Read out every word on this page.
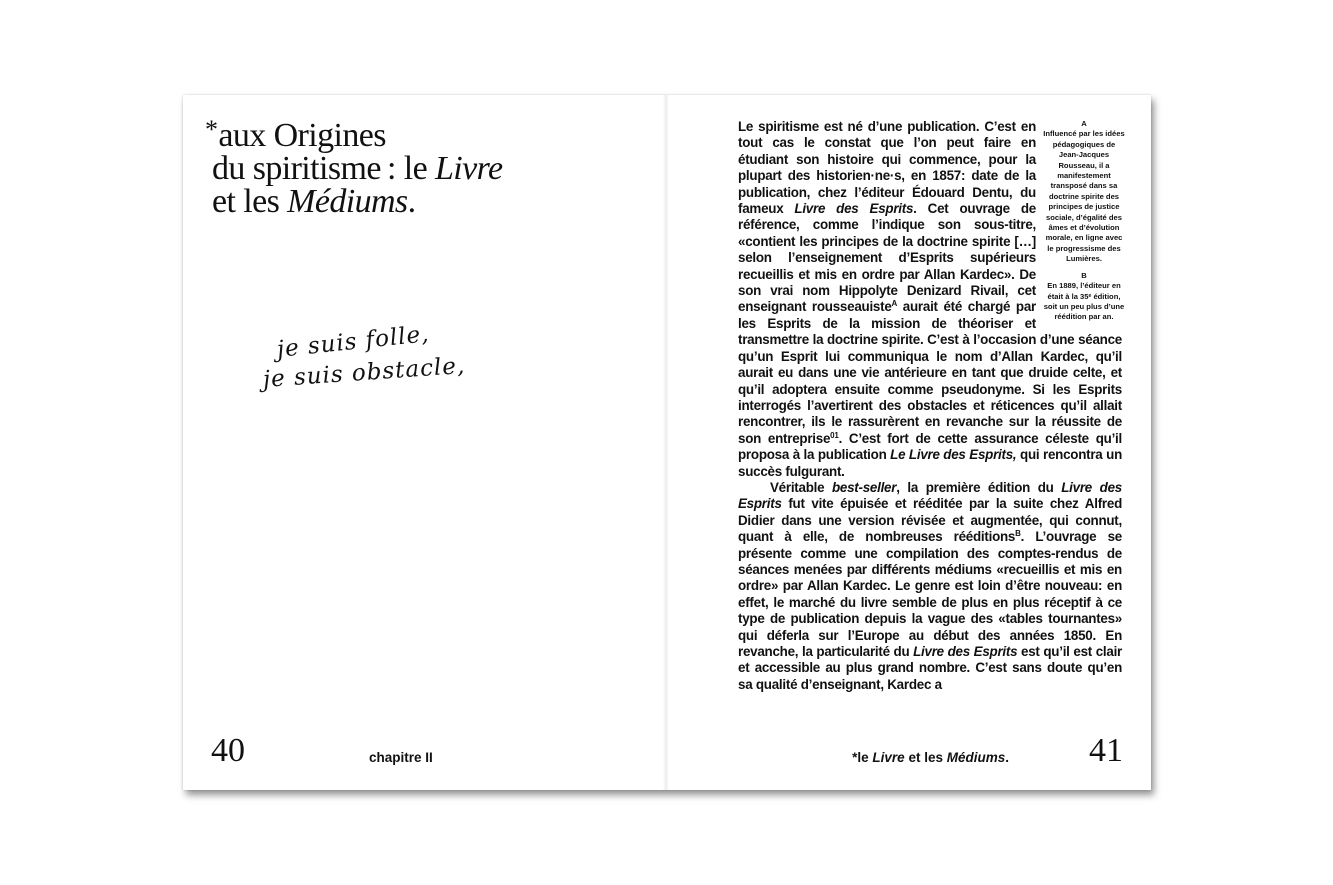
*aux Origines
du spiritisme : le Livre
et les Médiums.
je suis folle,
je suis obstacle,
40	chapitre II
A
Influencé par les idées pédagogiques de Jean-Jacques Rousseau, il a manifestement transposé dans sa doctrine spirite des principes de justice sociale, d’égalité des âmes et d’évolution morale, en ligne avec le progressisme des Lumières.
B
En 1889, l’éditeur en était à la 35ᵉ édition, soit un peu plus d’une réédition par an.

Le spiritisme est né d’une publication. C’est en tout cas le constat que l’on peut faire en étudiant son histoire qui commence, pour la plupart des historien·ne·s, en 1857: date de la publication, chez l’éditeur Édouard Dentu, du fameux Livre des Esprits. Cet ouvrage de référence, comme l’indique son sous-titre, «contient les principes de la doctrine spirite […] selon l’enseignement d’Esprits supérieurs recueillis et mis en ordre par Allan Kardec». De son vrai nom Hippolyte Denizard Rivail, cet enseignant rousseauiste$^A$ aurait été chargé par les Esprits de la mission de théoriser et transmettre la doctrine spirite. C’est à l’occasion d’une séance qu’un Esprit lui communiqua le nom d’Allan Kardec, qu’il aurait eu dans une vie antérieure en tant que druide celte, et qu’il adoptera ensuite comme pseudonyme. Si les Esprits interrogés l’avertirent des obstacles et réticences qu’il allait rencontrer, ils le rassurèrent en revanche sur la réussite de son entreprise$^{01}$. C’est fort de cette assurance céleste qu’il proposa à la publication Le Livre des Esprits, qui rencontra un succès fulgurant.

Véritable best-seller, la première édition du Livre des Esprits fut vite épuisée et rééditée par la suite chez Alfred Didier dans une version révisée et augmentée, qui connut, quant à elle, de nombreuses rééditions$^B$. L’ouvrage se présente comme une compilation des comptes-rendus de séances menées par différents médiums «recueillis et mis en ordre» par Allan Kardec. Le genre est loin d’être nouveau: en effet, le marché du livre semble de plus en plus réceptif à ce type de publication depuis la vague des «tables tournantes» qui déferla sur l’Europe au début des années 1850. En revanche, la particularité du Livre des Esprits est qu’il est clair et accessible au plus grand nombre. C’est sans doute qu’en sa qualité d’enseignant, Kardec a

*le Livre et les Médiums. 41
